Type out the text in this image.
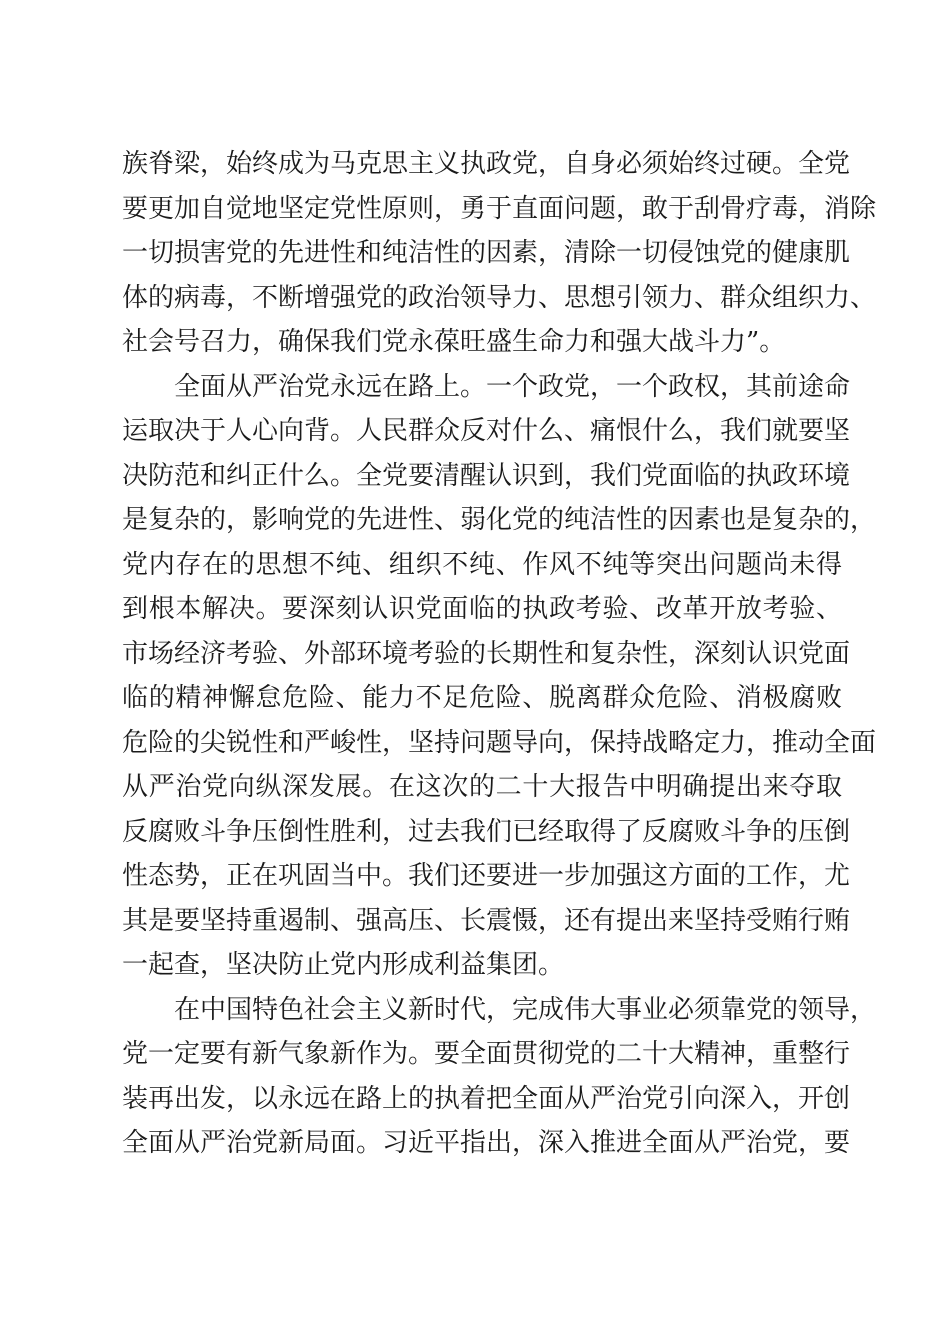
族脊梁，始终成为马克思主义执政党，自身必须始终过硬。全党
要更加自觉地坚定党性原则，勇于直面问题，敢于刮骨疗毒，消除
一切损害党的先进性和纯洁性的因素，清除一切侵蚀党的健康肌
体的病毒，不断增强党的政治领导力、思想引领力、群众组织力、
社会号召力，确保我们党永葆旺盛生命力和强大战斗力”。
全面从严治党永远在路上。一个政党，一个政权，其前途命
运取决于人心向背。人民群众反对什么、痛恨什么，我们就要坚
决防范和纠正什么。全党要清醒认识到，我们党面临的执政环境
是复杂的，影响党的先进性、弱化党的纯洁性的因素也是复杂的，
党内存在的思想不纯、组织不纯、作风不纯等突出问题尚未得
到根本解决。要深刻认识党面临的执政考验、改革开放考验、
市场经济考验、外部环境考验的长期性和复杂性，深刻认识党面
临的精神懈怠危险、能力不足危险、脱离群众危险、消极腐败
危险的尖锐性和严峻性，坚持问题导向，保持战略定力，推动全面
从严治党向纵深发展。在这次的二十大报告中明确提出来夺取
反腐败斗争压倒性胜利，过去我们已经取得了反腐败斗争的压倒
性态势，正在巩固当中。我们还要进一步加强这方面的工作，尤
其是要坚持重遏制、强高压、长震慑，还有提出来坚持受贿行贿
一起查，坚决防止党内形成利益集团。
在中国特色社会主义新时代，完成伟大事业必须靠党的领导，
党一定要有新气象新作为。要全面贯彻党的二十大精神，重整行
装再出发，以永远在路上的执着把全面从严治党引向深入，开创
全面从严治党新局面。习近平指出，深入推进全面从严治党，要
